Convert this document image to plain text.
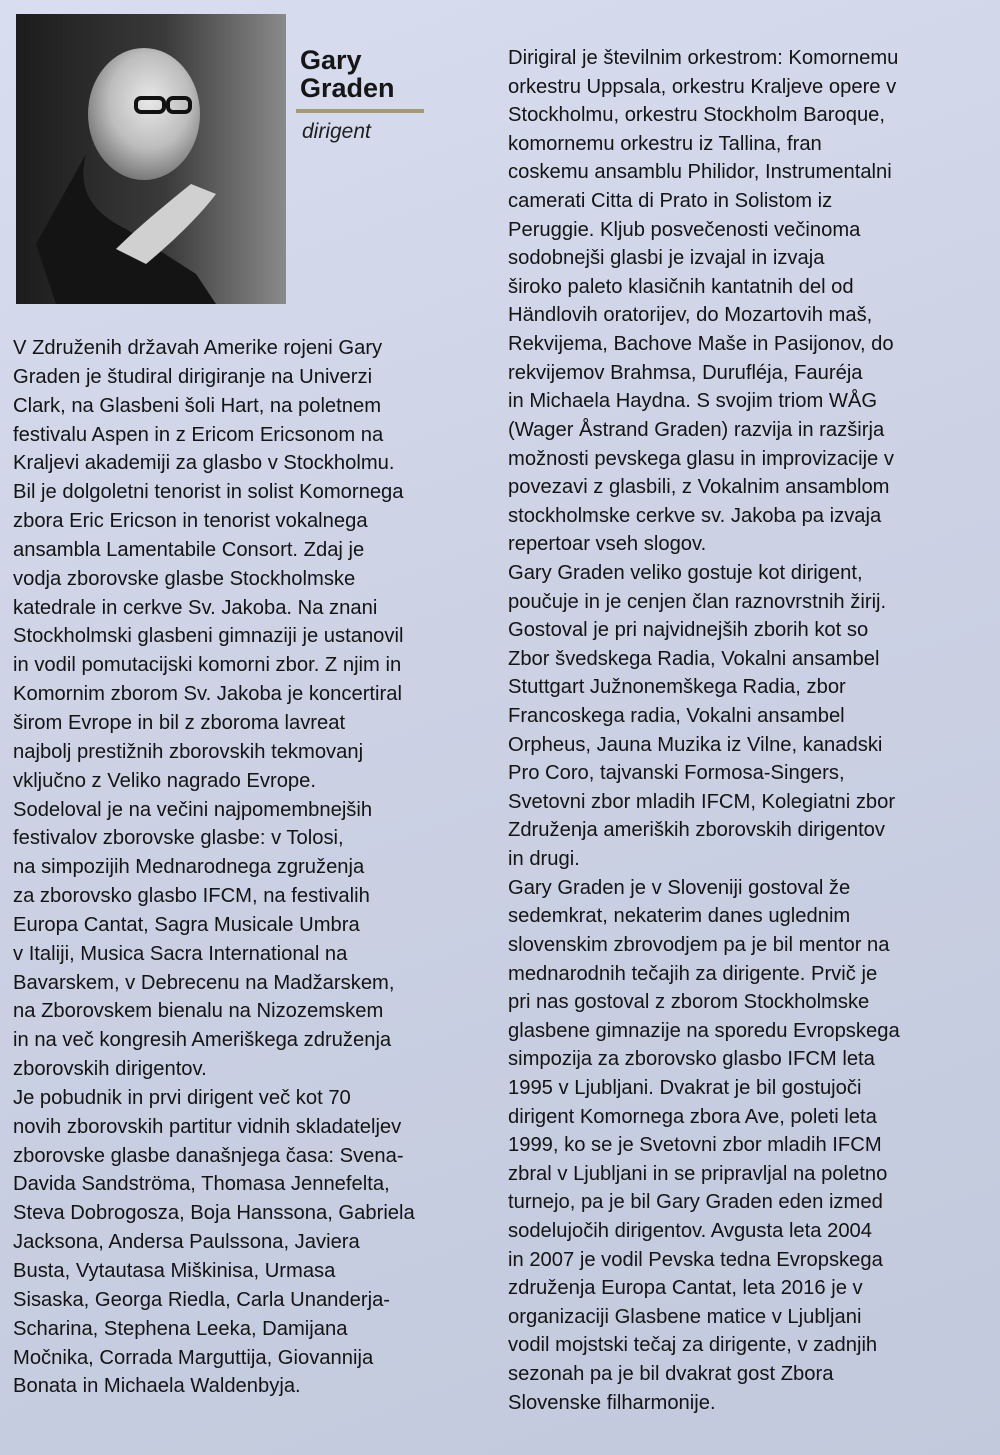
Gary
Graden
dirigent
V Združenih državah Amerike rojeni Gary
Graden je študiral dirigiranje na Univerzi
Clark, na Glasbeni šoli Hart, na poletnem
festivalu Aspen in z Ericom Ericsonom na
Kraljevi akademiji za glasbo v Stockholmu.
Bil je dolgoletni tenorist in solist Komornega
zbora Eric Ericson in tenorist vokalnega
ansambla Lamentabile Consort. Zdaj je
vodja zborovske glasbe Stockholmske
katedrale in cerkve Sv. Jakoba. Na znani
Stockholmski glasbeni gimnaziji je ustanovil
in vodil pomutacijski komorni zbor. Z njim in
Komornim zborom Sv. Jakoba je koncertiral
širom Evrope in bil z zboroma lavreat
najbolj prestižnih zborovskih tekmovanj
vključno z Veliko nagrado Evrope.
Sodeloval je na večini najpomembnejših
festivalov zborovske glasbe: v Tolosi,
na simpozijih Mednarodnega zgruženja
za zborovsko glasbo IFCM, na festivalih
Europa Cantat, Sagra Musicale Umbra
v Italiji, Musica Sacra International na
Bavarskem, v Debrecenu na Madžarskem,
na Zborovskem bienalu na Nizozemskem
in na več kongresih Ameriškega združenja
zborovskih dirigentov.
Je pobudnik in prvi dirigent več kot 70
novih zborovskih partitur vidnih skladateljev
zborovske glasbe današnjega časa: Svena-
Davida Sandströma, Thomasa Jennefelta,
Steva Dobrogosza, Boja Hanssona, Gabriela
Jacksona, Andersa Paulssona, Javiera
Busta, Vytautasa Miškinisa, Urmasa
Sisaska, Georga Riedla, Carla Unanderja-
Scharina, Stephena Leeka, Damijana
Močnika, Corrada Marguttija, Giovannija
Bonata in Michaela Waldenbyja.
Dirigiral je številnim orkestrom: Komornemu
orkestru Uppsala, orkestru Kraljeve opere v
Stockholmu, orkestru Stockholm Baroque,
komornemu orkestru iz Tallina, fran
coskemu ansamblu Philidor, Instrumentalni
camerati Citta di Prato in Solistom iz
Peruggie. Kljub posvečenosti večinoma
sodobnejši glasbi je izvajal in izvaja
široko paleto klasičnih kantatnih del od
Händlovih oratorijev, do Mozartovih maš,
Rekvijema, Bachove Maše in Pasijonov, do
rekvijemov Brahmsa, Durufléja, Fauréja
in Michaela Haydna. S svojim triom WÅG
(Wager Åstrand Graden) razvija in razširja
možnosti pevskega glasu in improvizacije v
povezavi z glasbili, z Vokalnim ansamblom
stockholmske cerkve sv. Jakoba pa izvaja
repertoar vseh slogov.
Gary Graden veliko gostuje kot dirigent,
poučuje in je cenjen član raznovrstnih žirij.
Gostoval je pri najvidnejših zborih kot so
Zbor švedskega Radia, Vokalni ansambel
Stuttgart Južnonemškega Radia, zbor
Francoskega radia, Vokalni ansambel
Orpheus, Jauna Muzika iz Vilne, kanadski
Pro Coro, tajvanski Formosa-Singers,
Svetovni zbor mladih IFCM, Kolegiatni zbor
Združenja ameriških zborovskih dirigentov
in drugi.
Gary Graden je v Sloveniji gostoval že
sedemkrat, nekaterim danes uglednim
slovenskim zbrovodjem pa je bil mentor na
mednarodnih tečajih za dirigente. Prvič je
pri nas gostoval z zborom Stockholmske
glasbene gimnazije na sporedu Evropskega
simpozija za zborovsko glasbo IFCM leta
1995 v Ljubljani. Dvakrat je bil gostujoči
dirigent Komornega zbora Ave, poleti leta
1999, ko se je Svetovni zbor mladih IFCM
zbral v Ljubljani in se pripravljal na poletno
turnejo, pa je bil Gary Graden eden izmed
sodelujočih dirigentov. Avgusta leta 2004
in 2007 je vodil Pevska tedna Evropskega
združenja Europa Cantat, leta 2016 je v
organizaciji Glasbene matice v Ljubljani
vodil mojstski tečaj za dirigente, v zadnjih
sezonah pa je bil dvakrat gost Zbora
Slovenske filharmonije.
